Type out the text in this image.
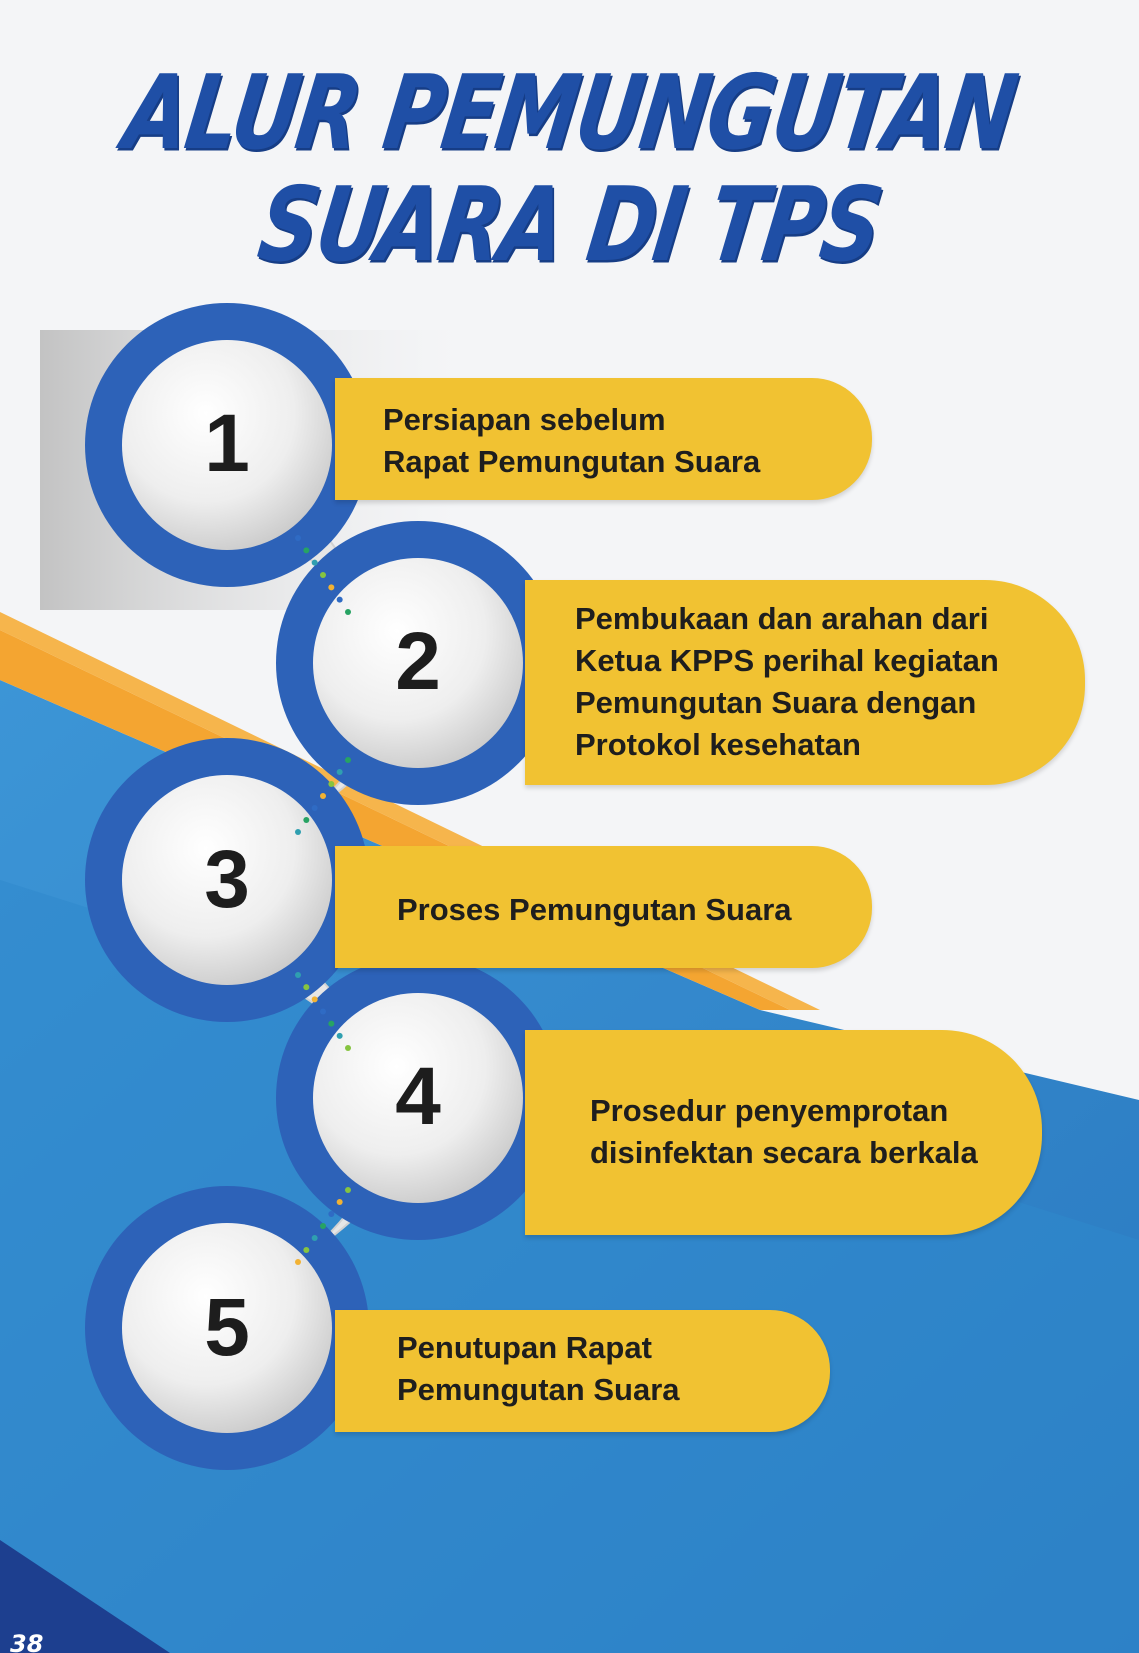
ALUR PEMUNGUTAN
SUARA DI TPS
1	Persiapan sebelum
Rapat Pemungutan Suara
2	Pembukaan dan arahan dari
Ketua KPPS perihal kegiatan
Pemungutan Suara dengan
Protokol kesehatan
3	Proses Pemungutan Suara
4	Prosedur penyemprotan
disinfektan secara berkala
5	Penutupan Rapat
Pemungutan Suara
38
